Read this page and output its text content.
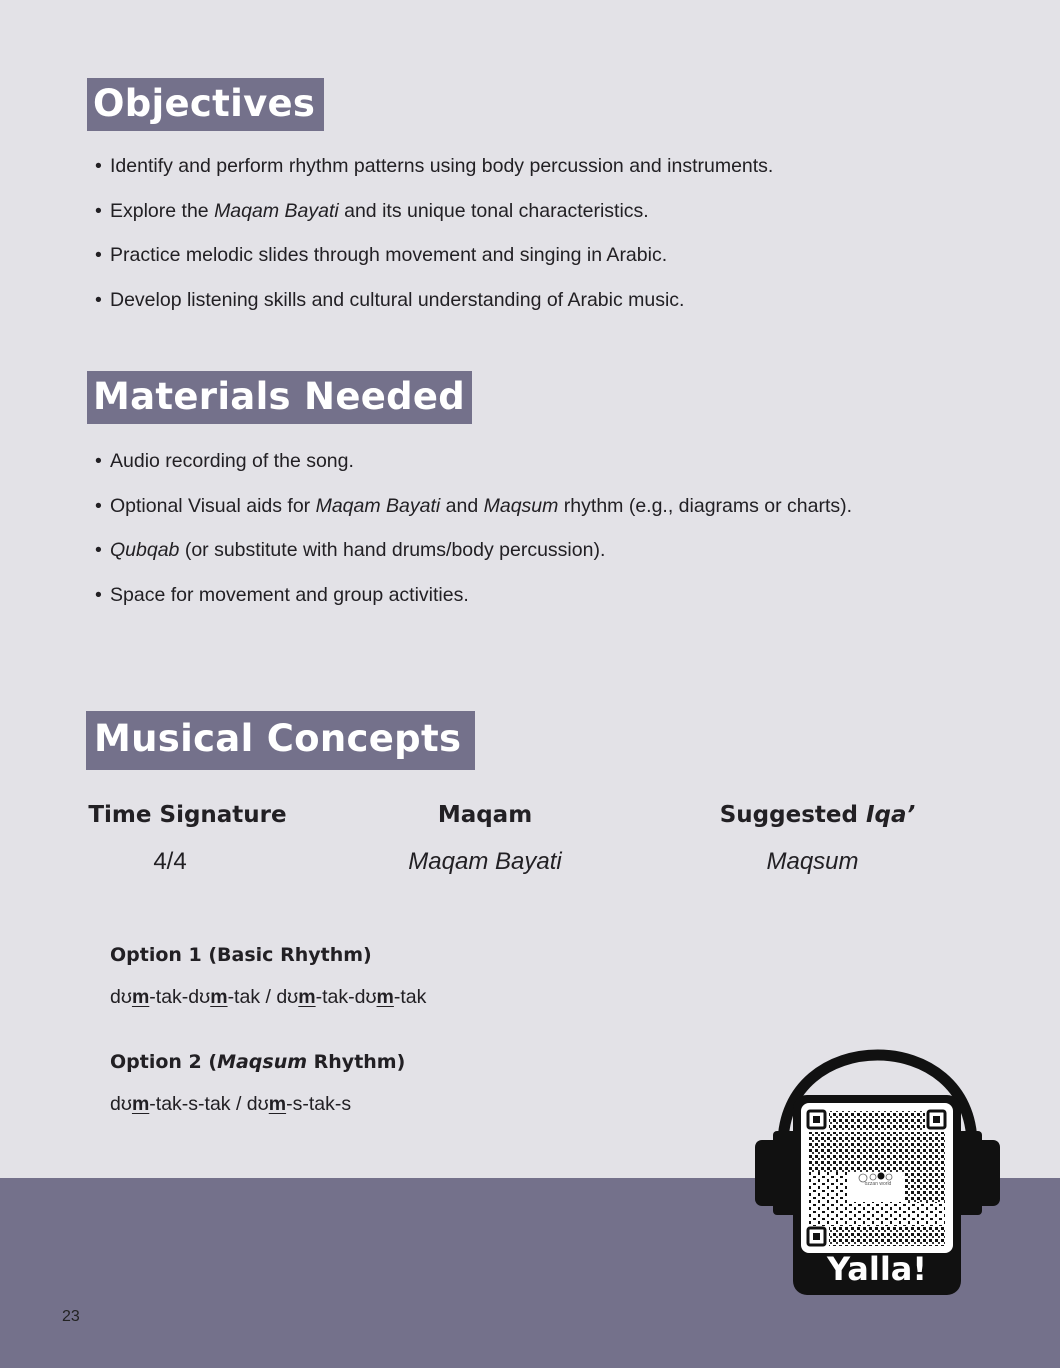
Objectives
• Identify and perform rhythm patterns using body percussion and instruments.
• Explore the Maqam Bayati and its unique tonal characteristics.
• Practice melodic slides through movement and singing in Arabic.
• Develop listening skills and cultural understanding of Arabic music.
Materials Needed
• Audio recording of the song.
• Optional Visual aids for Maqam Bayati and Maqsum rhythm (e.g., diagrams or charts).
• Qubqab (or substitute with hand drums/body percussion).
• Space for movement and group activities.
Musical Concepts
Time Signature
4/4
Maqam
Maqam Bayati
Suggested Iqa’
Maqsum
Option 1 (Basic Rhythm)
dʊm-tak-dʊm-tak / dʊm-tak-dʊm-tak
Option 2 (Maqsum Rhythm)
dʊm-tak-s-tak / dʊm-s-tak-s
23
ozzan world
Yalla!
